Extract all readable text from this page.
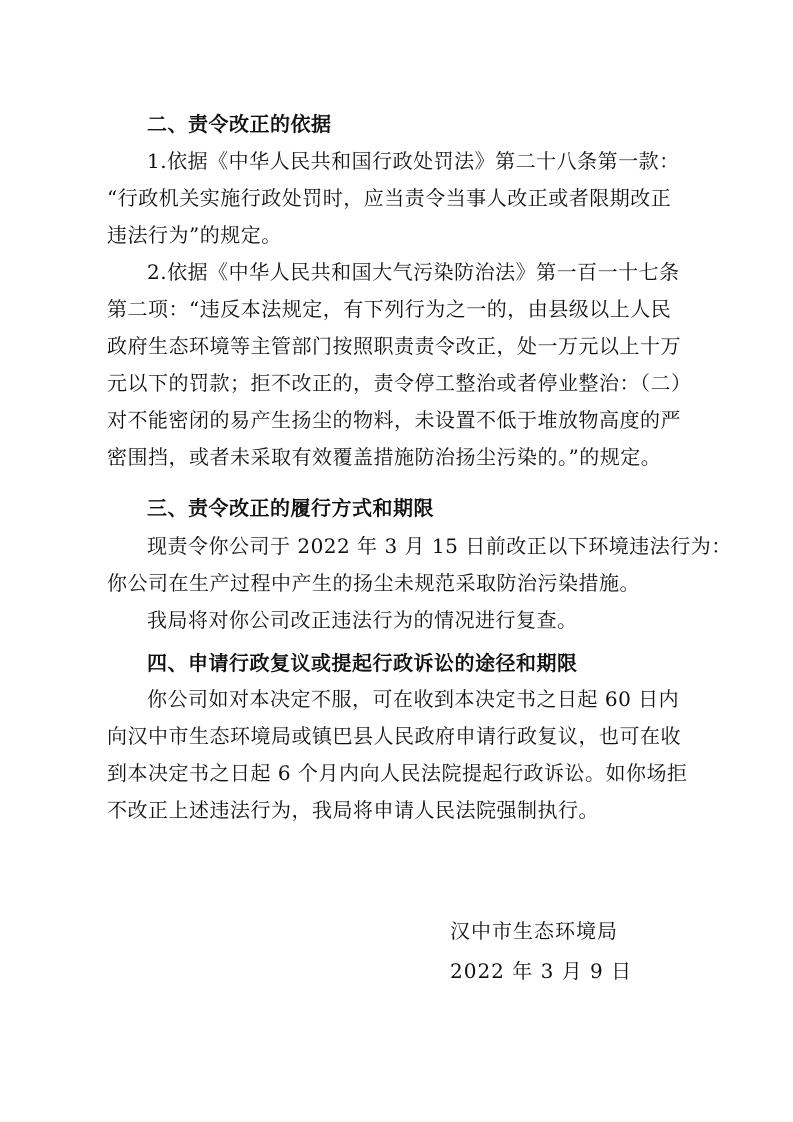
二、责令改正的依据
1.依据《中华人民共和国行政处罚法》第二十八条第一款：
“行政机关实施行政处罚时，应当责令当事人改正或者限期改正
违法行为”的规定。
2.依据《中华人民共和国大气污染防治法》第一百一十七条
第二项：“违反本法规定，有下列行为之一的，由县级以上人民
政府生态环境等主管部门按照职责责令改正，处一万元以上十万
元以下的罚款；拒不改正的，责令停工整治或者停业整治：（二）
对不能密闭的易产生扬尘的物料，未设置不低于堆放物高度的严
密围挡，或者未采取有效覆盖措施防治扬尘污染的。”的规定。
三、责令改正的履行方式和期限
现责令你公司于 2022 年 3 月 15 日前改正以下环境违法行为：
你公司在生产过程中产生的扬尘未规范采取防治污染措施。
我局将对你公司改正违法行为的情况进行复查。
四、申请行政复议或提起行政诉讼的途径和期限
你公司如对本决定不服，可在收到本决定书之日起 60 日内
向汉中市生态环境局或镇巴县人民政府申请行政复议，也可在收
到本决定书之日起 6 个月内向人民法院提起行政诉讼。如你场拒
不改正上述违法行为，我局将申请人民法院强制执行。
汉中市生态环境局
2022 年 3 月 9 日
